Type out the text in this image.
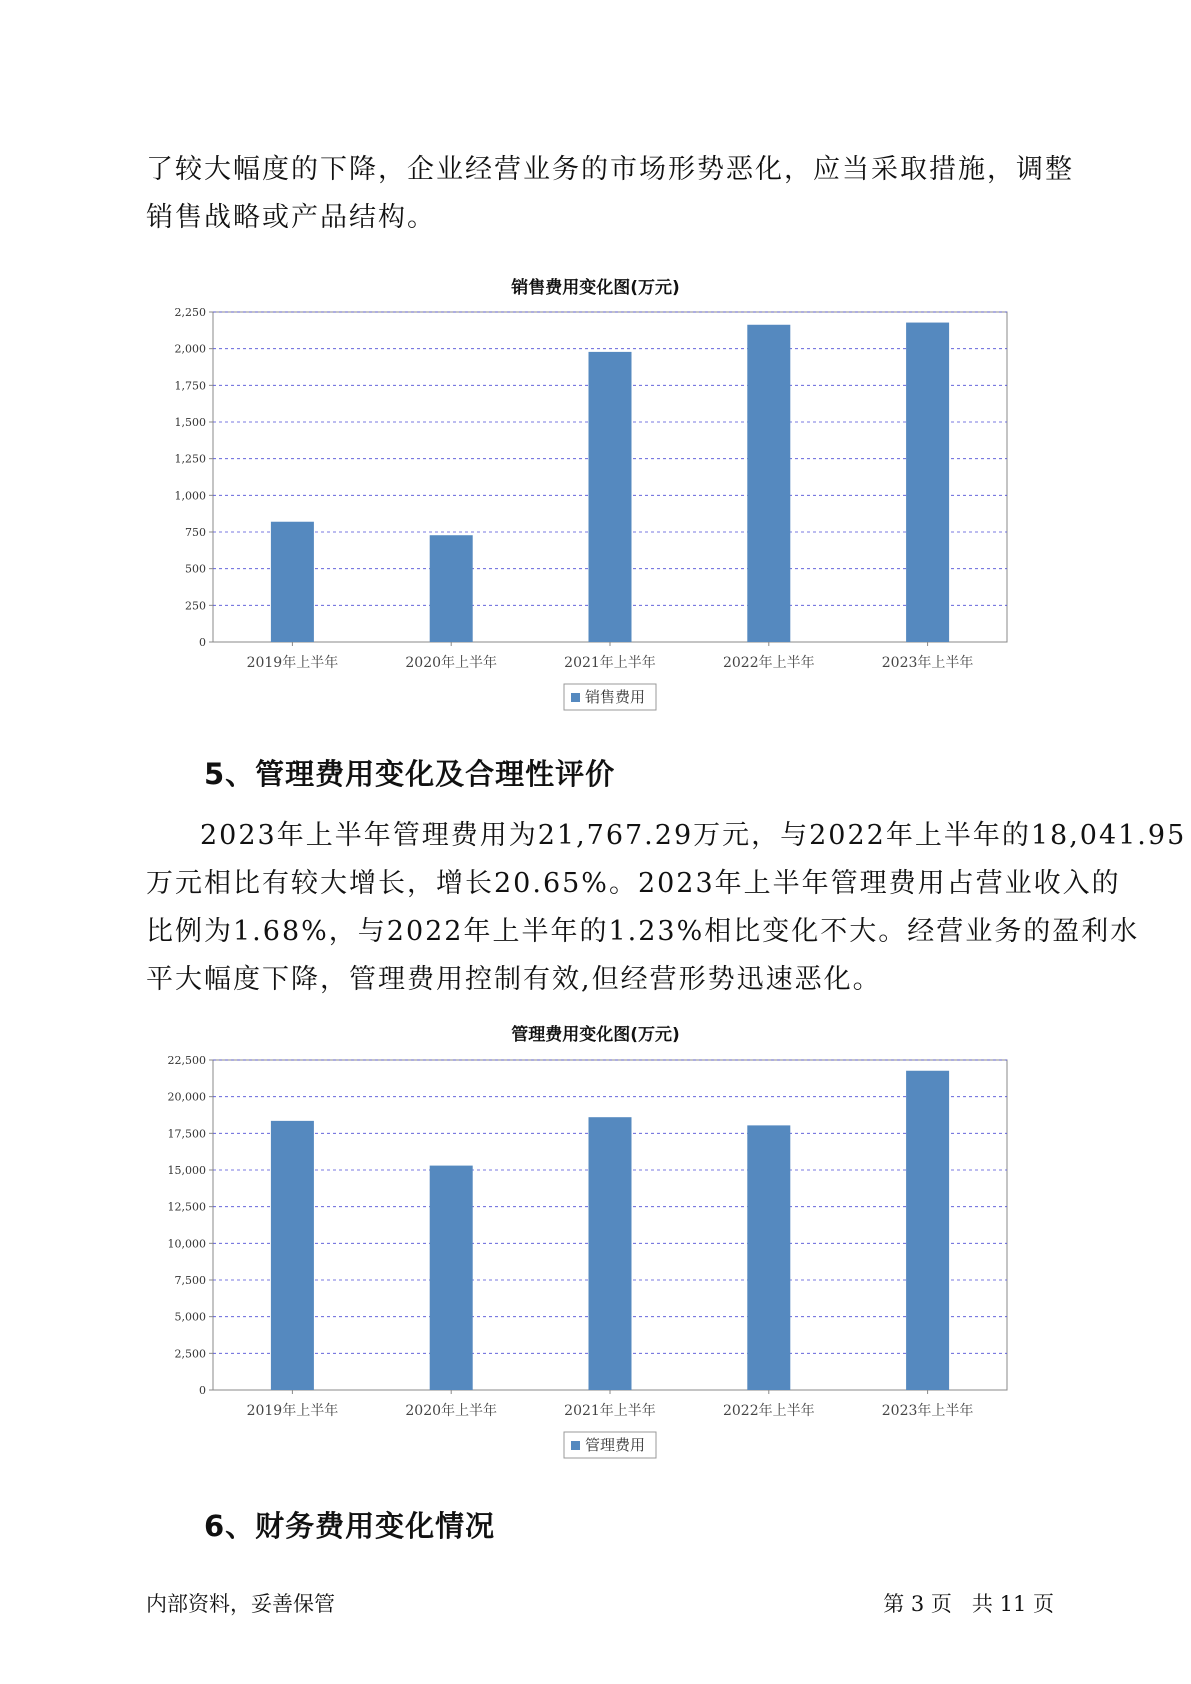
了较大幅度的下降，企业经营业务的市场形势恶化，应当采取措施，调整
销售战略或产品结构。
销售费用变化图(万元)
0
250
500
750
1,000
1,250
1,500
1,750
2,000
2,250
2019年上半年	2020年上半年	2021年上半年	2022年上半年	2023年上半年
销售费用
5、管理费用变化及合理性评价
2023年上半年管理费用为21,767.29万元，与2022年上半年的18,041.95
万元相比有较大增长，增长20.65%。2023年上半年管理费用占营业收入的
比例为1.68%，与2022年上半年的1.23%相比变化不大。经营业务的盈利水
平大幅度下降，管理费用控制有效,但经营形势迅速恶化。
管理费用变化图(万元)
0
2,500
5,000
7,500
10,000
12,500
15,000
17,500
20,000
22,500
2019年上半年	2020年上半年	2021年上半年	2022年上半年	2023年上半年
管理费用
6、财务费用变化情况
内部资料，妥善保管	第 3 页   共 11 页
